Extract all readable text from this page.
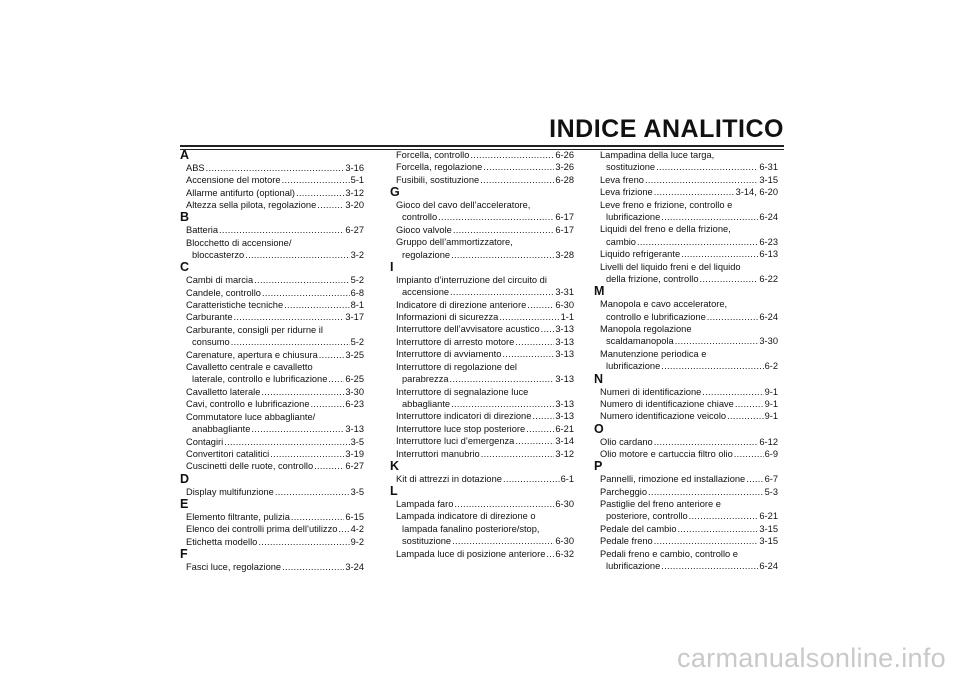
INDICE ANALITICO
A
ABS .....	3-16
Accensione del motore .....	5-1
Allarme antifurto (optional) .....	3-12
Altezza sella pilota, regolazione .....	3-20
B
Batteria .....	6-27
Blocchetto di accensione/
bloccasterzo .....	3-2
C
Cambi di marcia .....	5-2
Candele, controllo .....	6-8
Caratteristiche tecniche .....	8-1
Carburante .....	3-17
Carburante, consigli per ridurne il
consumo .....	5-2
Carenature, apertura e chiusura .....	3-25
Cavalletto centrale e cavalletto
laterale, controllo e lubrificazione ..... 6-25
Cavalletto laterale .....	3-30
Cavi, controllo e lubrificazione .....	6-23
Commutatore luce abbagliante/
anabbagliante .....	3-13
Contagiri .....	3-5
Convertitori catalitici .....	3-19
Cuscinetti delle ruote, controllo .....	6-27
D
Display multifunzione .....	3-5
E
Elemento filtrante, pulizia .....	6-15
Elenco dei controlli prima dell’utilizzo ..... 4-2
Etichetta modello .....	9-2
F
Fasci luce, regolazione .....	3-24
Forcella, controllo .....	6-26
Forcella, regolazione .....	3-26
Fusibili, sostituzione .....	6-28
G
Gioco del cavo dell’acceleratore,
controllo .....	6-17
Gioco valvole .....	6-17
Gruppo dell’ammortizzatore,
regolazione .....	3-28
I
Impianto d’interruzione del circuito di
accensione .....	3-31
Indicatore di direzione anteriore .....	6-30
Informazioni di sicurezza .....	1-1
Interruttore dell’avvisatore acustico ..... 3-13
Interruttore di arresto motore .....	3-13
Interruttore di avviamento .....	3-13
Interruttore di regolazione del
parabrezza .....	3-13
Interruttore di segnalazione luce
abbagliante .....	3-13
Interruttore indicatori di direzione .....	3-13
Interruttore luce stop posteriore .....	6-21
Interruttore luci d’emergenza .....	3-14
Interruttori manubrio .....	3-12
K
Kit di attrezzi in dotazione .....	6-1
L
Lampada faro .....	6-30
Lampada indicatore di direzione o
lampada fanalino posteriore/stop,
sostituzione .....	6-30
Lampada luce di posizione anteriore ..... 6-32
Lampadina della luce targa,
sostituzione .....	6-31
Leva freno .....	3-15
Leva frizione .....	3-14, 6-20
Leve freno e frizione, controllo e
lubrificazione .....	6-24
Liquidi del freno e della frizione,
cambio .....	6-23
Liquido refrigerante .....	6-13
Livelli del liquido freni e del liquido
della frizione, controllo .....	6-22
M
Manopola e cavo acceleratore,
controllo e lubrificazione .....	6-24
Manopola regolazione
scaldamanopola .....	3-30
Manutenzione periodica e
lubrificazione .....	6-2
N
Numeri di identificazione .....	9-1
Numero di identificazione chiave .....	9-1
Numero identificazione veicolo .....	9-1
O
Olio cardano .....	6-12
Olio motore e cartuccia filtro olio .....	6-9
P
Pannelli, rimozione ed installazione ..... 6-7
Parcheggio .....	5-3
Pastiglie del freno anteriore e
posteriore, controllo .....	6-21
Pedale del cambio .....	3-15
Pedale freno .....	3-15
Pedali freno e cambio, controllo e
lubrificazione .....	6-24
carmanualsonline.info
